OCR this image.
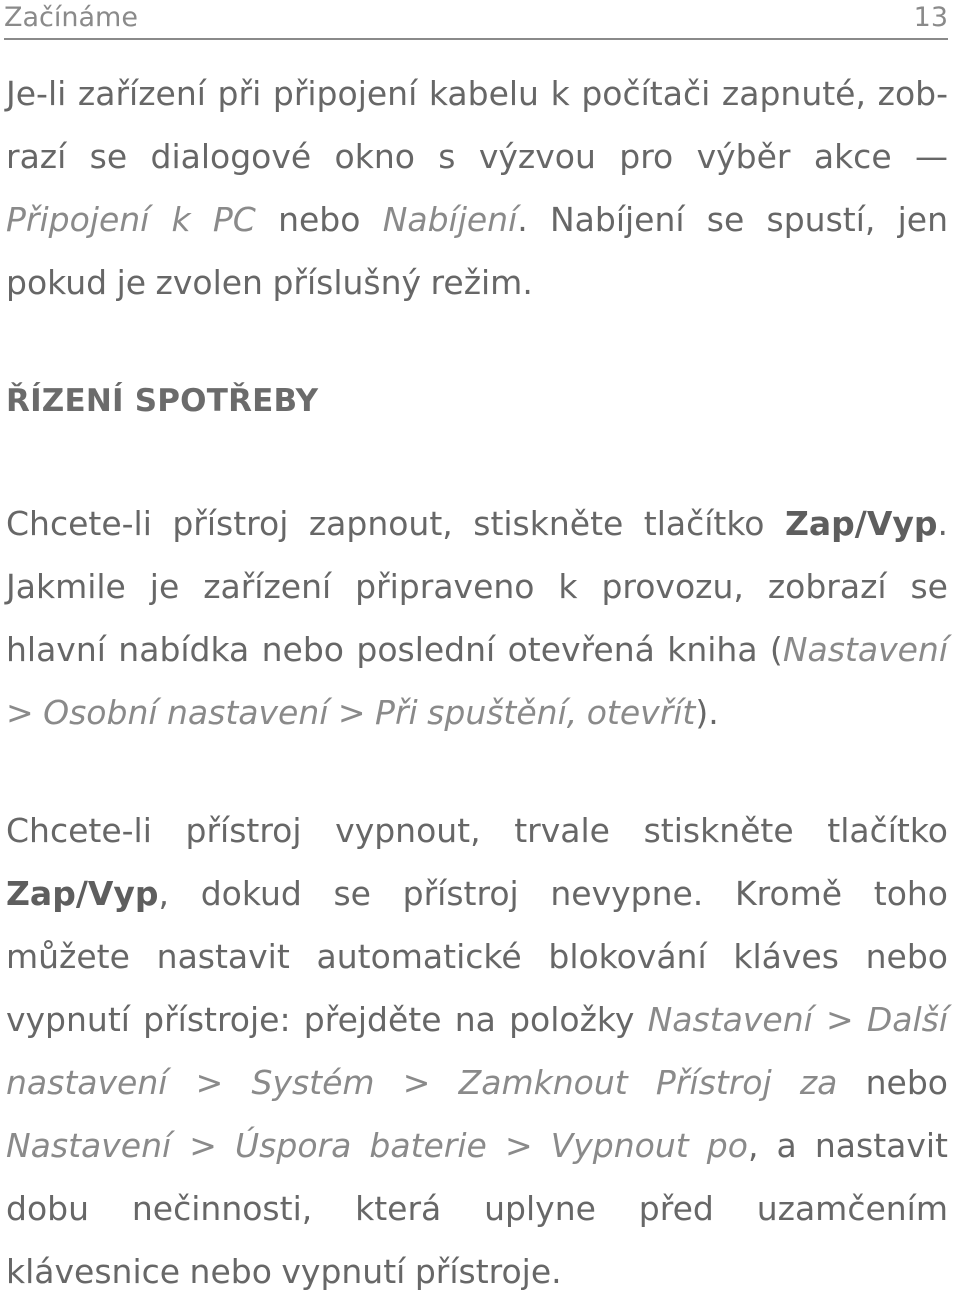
Začínáme	13

Je-li zařízení při připojení kabelu k počítači zapnuté, zobrazí se dialogové okno s výzvou pro výběr akce — Připojení k PC nebo Nabíjení. Nabíjení se spustí, jen pokud je zvolen příslušný režim.

ŘÍZENÍ SPOTŘEBY

Chcete-li přístroj zapnout, stiskněte tlačítko Zap/Vyp. Jakmile je zařízení připraveno k provozu, zobrazí se hlavní nabídka nebo poslední otevřená kniha (Nastavení > Osobní nastavení > Při spuštění, otevřít).

Chcete-li přístroj vypnout, trvale stiskněte tlačítko Zap/Vyp, dokud se přístroj nevypne. Kromě toho můžete nastavit automatické blokování kláves nebo vypnutí přístroje: přejděte na položky Nastavení > Další nastavení > Systém > Zamknout Přístroj za nebo Nastavení > Úspora baterie > Vypnout po, a nastavit dobu nečinnosti, která uplyne před uzamčením klávesnice nebo vypnutí přístroje.
